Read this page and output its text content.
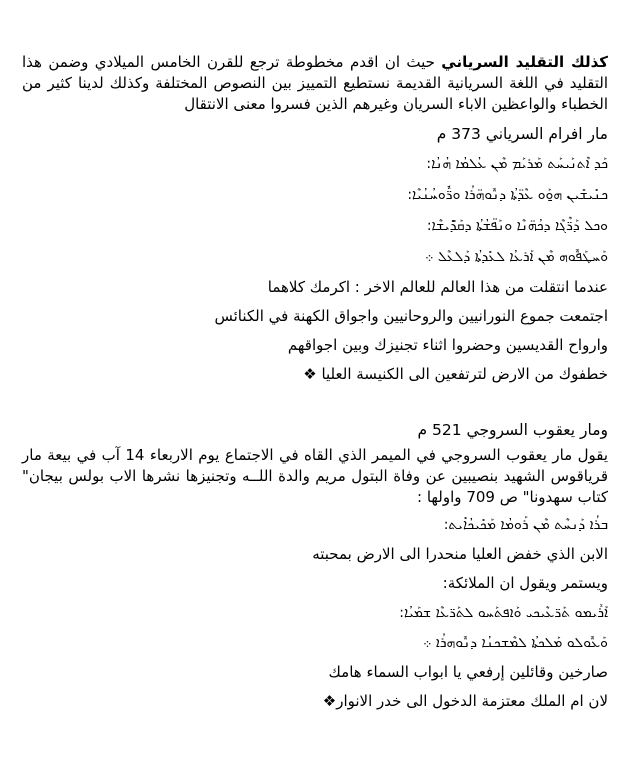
كذلك التقليد السرياني حيث ان اقدم مخطوطة ترجع للقرن الخامس الميلادي وضمن هذا التقليد في اللغة السريانية القديمة نستطيع التمييز بين النصوص المختلفة وكذلك لدينا كثير من الخطباء والواعظين الاباء السريان وغيرهم الذين فسروا معنى الانتقال

مار افرام السرياني 373 م

ܟܰܕ ܐܶܬܢܰܝܚܰܬ ܡܰܪܝܰܡ ܡܶܢ ܥܳܠܡܳܐ ܗܳܢܳܐ:

ܟܢܺܝܫܺܝܢ ܗ̱ܘܰܘ ܥܶܕ̈ܬܳܐ ܕܢܽܘܗ̈ܪܳܐ ܘܪ̈ܽܘܚܳܢܳܝܶܐ:

ܘܟܠ ܕܰܪ̈ܶܓܶܐ ܕܟܳܗ̈ܢܶܐ ܘܢܰܦ̈ܫܳܬܳܐ ܕܩܰܕ̈ܺܝܫܶܐ:

ܘܰܚܛܰܦܽܘܗ ܡܶܢ ܐܰܪܥܳܐ ܠܥܺܕܬܳܐ ܕܰܠܥܶܠ ܀

عندما انتقلت من هذا العالم للعالم الاخر : اكرمك كلاهما

اجتمعت جموع النورانيين والروحانيين واجواق الكهنة في الكنائس

وارواح القديسين وحضروا اثناء تجنيزك وبين اجواقهم

خطفوك من الارض لترتفعين الى الكنيسة العليا ❖

ومار يعقوب السروجي 521 م

يقول مار يعقوب السروجي في الميمر الذي القاه في الاجتماع يوم الاربعاء 14 آب في بيعة مار قرياقوس الشهيد بنصيبين عن وفاة البتول مريم والدة اللــه وتجنيزها نشرها الاب بولس بيجان" كتاب سهدونا" ص 709 واولها :

ܒܪܳܐ ܕܰܢܚܶܬ ܡܶܢ ܪܰܘܡܳܐ ܡܰܟܺܝܟܳܐܺܝܬ:

الابن الذي خفض العليا منحدرا الى الارض بمحبته

ويستمر ويقول ان الملائكة:

ܐܰܪܺܝܡܘ ܬܰܪ̈ܥܶܝܟܝ ܘܰܐܦܬܰܚܘ ܠܬܰܪ̈ܥܶܐ ܫܡܰܝܳܐ:

ܘܰܥܽܘܠܘ ܡܰܠܟܬܳܐ ܠܡܶܫܟܢܳܐ ܕܢܽܘܗܪܳܐ ܀

صارخين وقائلين إرفعي يا ابواب السماء هامك

لان ام الملك معتزمة الدخول الى خدر الانوار❖
